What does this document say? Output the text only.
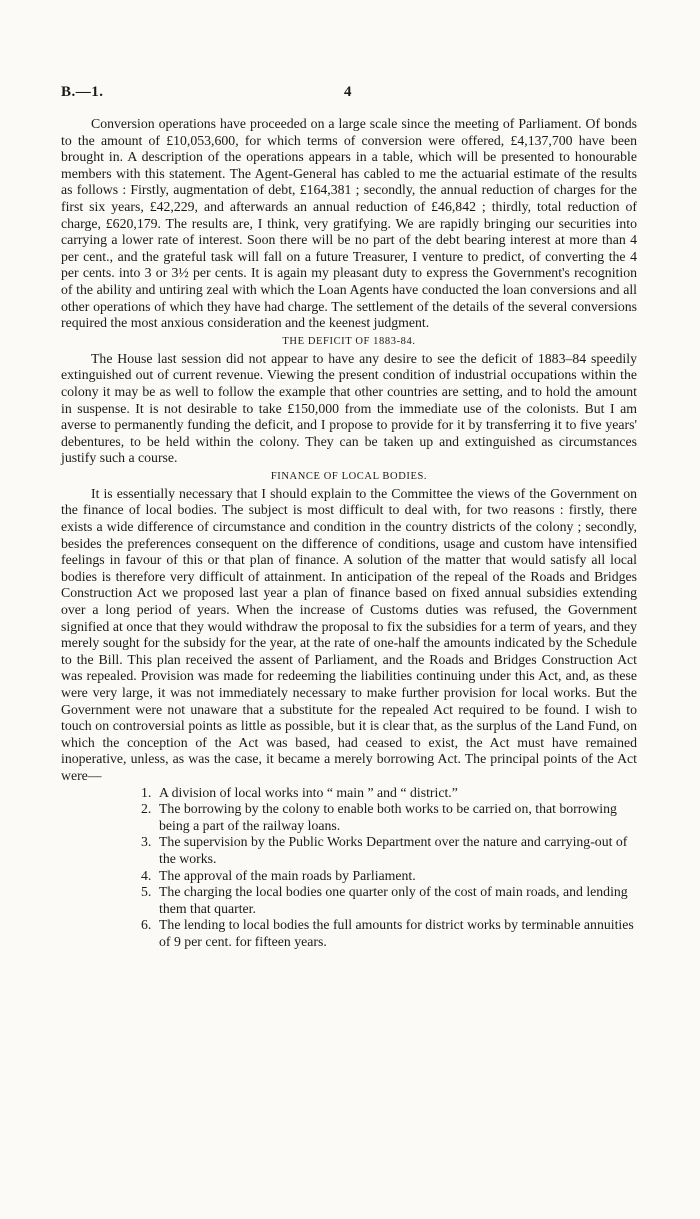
B.—1.	4

Conversion operations have proceeded on a large scale since the meeting of Parliament. Of bonds to the amount of £10,053,600, for which terms of conversion were offered, £4,137,700 have been brought in. A description of the operations appears in a table, which will be presented to honourable members with this statement. The Agent-General has cabled to me the actuarial estimate of the results as follows : Firstly, augmentation of debt, £164,381 ; secondly, the annual reduction of charges for the first six years, £42,229, and afterwards an annual reduction of £46,842 ; thirdly, total reduction of charge, £620,179. The results are, I think, very gratifying. We are rapidly bringing our securities into carrying a lower rate of interest. Soon there will be no part of the debt bearing interest at more than 4 per cent., and the grateful task will fall on a future Treasurer, I venture to predict, of converting the 4 per cents. into 3 or 3½ per cents. It is again my pleasant duty to express the Government's recognition of the ability and untiring zeal with which the Loan Agents have conducted the loan conversions and all other operations of which they have had charge. The settlement of the details of the several conversions required the most anxious consideration and the keenest judgment.

THE DEFICIT OF 1883-84.

The House last session did not appear to have any desire to see the deficit of 1883–84 speedily extinguished out of current revenue. Viewing the present condition of industrial occupations within the colony it may be as well to follow the example that other countries are setting, and to hold the amount in suspense. It is not desirable to take £150,000 from the immediate use of the colonists. But I am averse to permanently funding the deficit, and I propose to provide for it by transferring it to five years' debentures, to be held within the colony. They can be taken up and extinguished as circumstances justify such a course.

FINANCE OF LOCAL BODIES.

It is essentially necessary that I should explain to the Committee the views of the Government on the finance of local bodies. The subject is most difficult to deal with, for two reasons : firstly, there exists a wide difference of circumstance and condition in the country districts of the colony ; secondly, besides the preferences consequent on the difference of conditions, usage and custom have intensified feelings in favour of this or that plan of finance. A solution of the matter that would satisfy all local bodies is therefore very difficult of attainment. In anticipation of the repeal of the Roads and Bridges Construction Act we proposed last year a plan of finance based on fixed annual subsidies extending over a long period of years. When the increase of Customs duties was refused, the Government signified at once that they would withdraw the proposal to fix the subsidies for a term of years, and they merely sought for the subsidy for the year, at the rate of one-half the amounts indicated by the Schedule to the Bill. This plan received the assent of Parliament, and the Roads and Bridges Construction Act was repealed. Provision was made for redeeming the liabilities continuing under this Act, and, as these were very large, it was not immediately necessary to make further provision for local works. But the Government were not unaware that a substitute for the repealed Act required to be found. I wish to touch on controversial points as little as possible, but it is clear that, as the surplus of the Land Fund, on which the conception of the Act was based, had ceased to exist, the Act must have remained inoperative, unless, as was the case, it became a merely borrowing Act. The principal points of the Act were—

1. A division of local works into “ main ” and “ district.”
2. The borrowing by the colony to enable both works to be carried on, that borrowing being a part of the railway loans.
3. The supervision by the Public Works Department over the nature and carrying-out of the works.
4. The approval of the main roads by Parliament.
5. The charging the local bodies one quarter only of the cost of main roads, and lending them that quarter.
6. The lending to local bodies the full amounts for district works by terminable annuities of 9 per cent. for fifteen years.
